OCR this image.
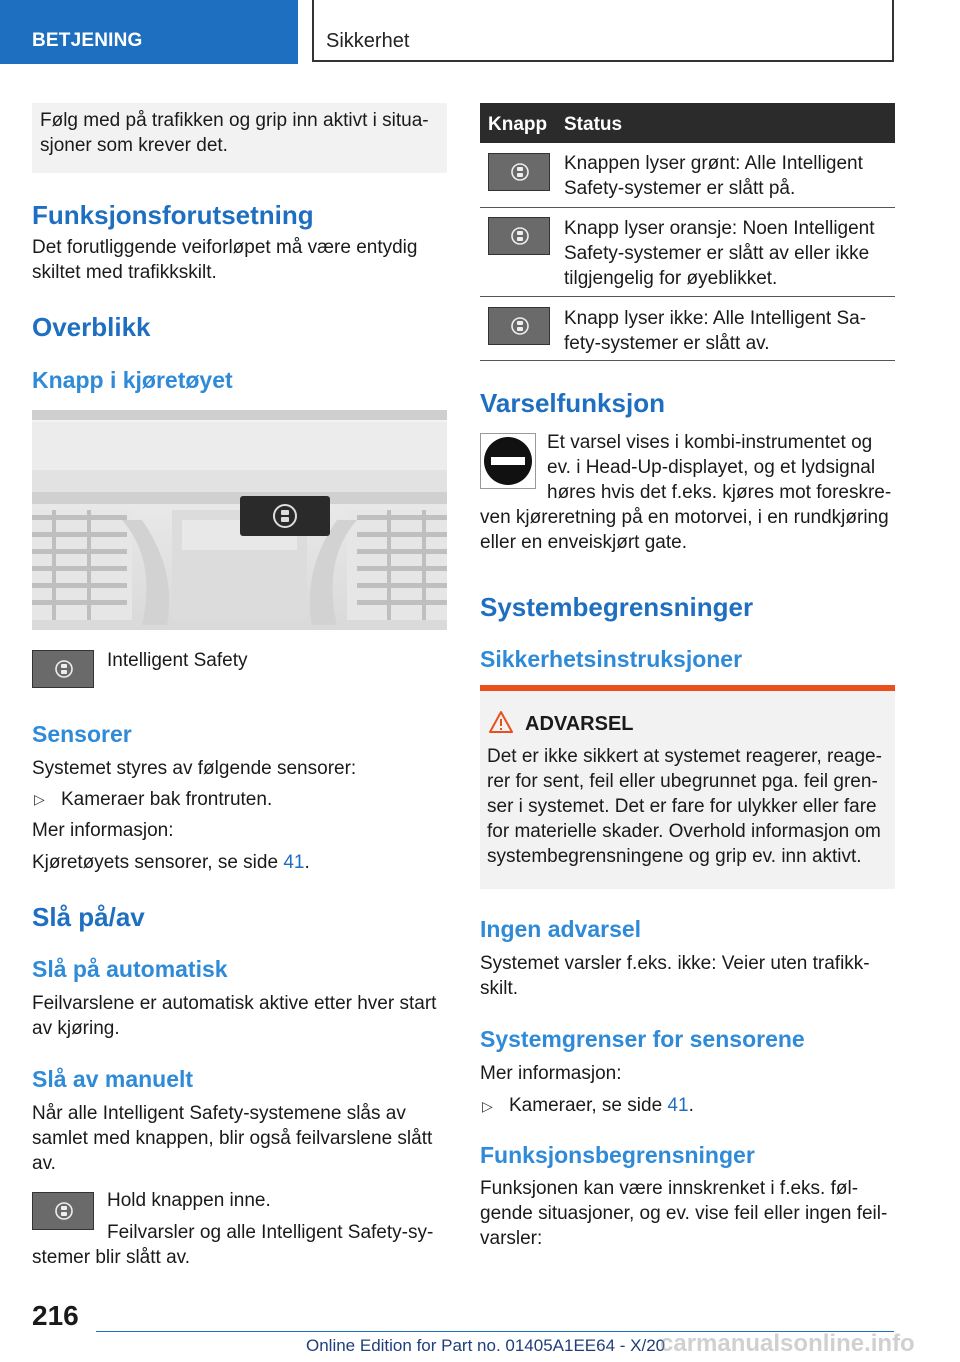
BETJENING	Sikkerhet
Følg med på trafikken og grip inn aktivt i situa-
sjoner som krever det.
Funksjonsforutsetning
Det forutliggende veiforløpet må være entydig
skiltet med trafikkskilt.
Overblikk
Knapp i kjøretøyet
Intelligent Safety
Sensorer
Systemet styres av følgende sensorer:
▷ Kameraer bak frontruten.
Mer informasjon:
Kjøretøyets sensorer, se side 41.
Slå på/av
Slå på automatisk
Feilvarslene er automatisk aktive etter hver start
av kjøring.
Slå av manuelt
Når alle Intelligent Safety-systemene slås av
samlet med knappen, blir også feilvarslene slått
av.
Hold knappen inne.
Feilvarsler og alle Intelligent Safety-sy-
stemer blir slått av.
Knapp Status
Knappen lyser grønt: Alle Intelligent
Safety-systemer er slått på.
Knapp lyser oransje: Noen Intelligent
Safety-systemer er slått av eller ikke
tilgjengelig for øyeblikket.
Knapp lyser ikke: Alle Intelligent Sa-
fety-systemer er slått av.
Varselfunksjon
Et varsel vises i kombi-instrumentet og
ev. i Head-Up-displayet, og et lydsignal
høres hvis det f.eks. kjøres mot foreskre-
ven kjøreretning på en motorvei, i en rundkjøring
eller en enveiskjørt gate.
Systembegrensninger
Sikkerhetsinstruksjoner
ADVARSEL
Det er ikke sikkert at systemet reagerer, reage-
rer for sent, feil eller ubegrunnet pga. feil gren-
ser i systemet. Det er fare for ulykker eller fare
for materielle skader. Overhold informasjon om
systembegrensningene og grip ev. inn aktivt.
Ingen advarsel
Systemet varsler f.eks. ikke: Veier uten trafikk-
skilt.
Systemgrenser for sensorene
Mer informasjon:
▷ Kameraer, se side 41.
Funksjonsbegrensninger
Funksjonen kan være innskrenket i f.eks. føl-
gende situasjoner, og ev. vise feil eller ingen feil-
varsler:
216
Online Edition for Part no. 01405A1EE64 - X/20
carmanualsonline.info
